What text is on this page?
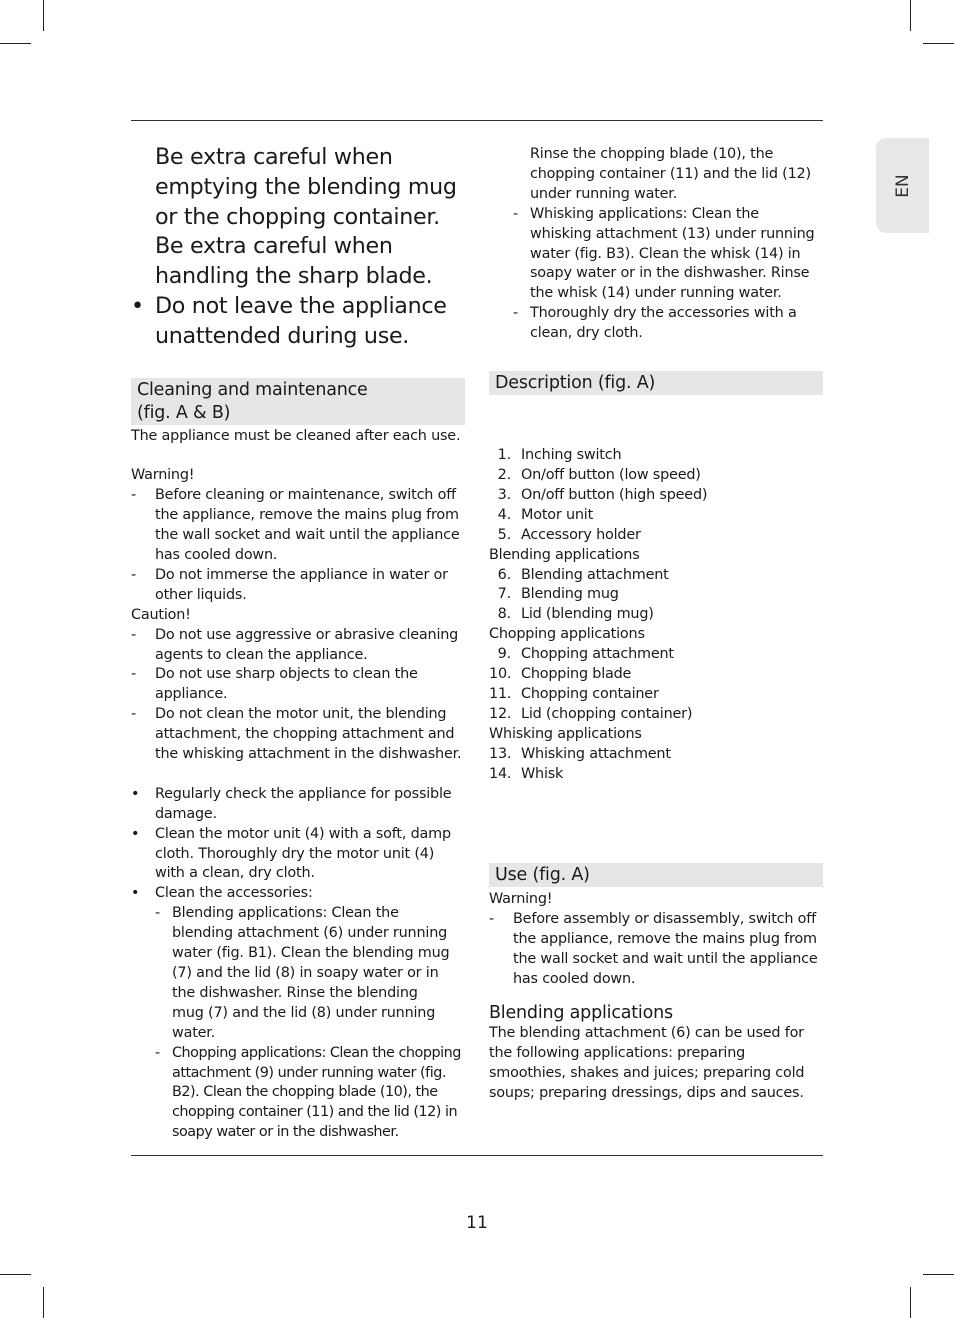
EN
Be extra careful when emptying the blending mug or the chopping container. Be extra careful when handling the sharp blade.
• Do not leave the appliance unattended during use.
Cleaning and maintenance
(fig. A & B)
The appliance must be cleaned after each use.
Warning!
- Before cleaning or maintenance, switch off the appliance, remove the mains plug from the wall socket and wait until the appliance has cooled down.
- Do not immerse the appliance in water or other liquids.
Caution!
- Do not use aggressive or abrasive cleaning agents to clean the appliance.
- Do not use sharp objects to clean the appliance.
- Do not clean the motor unit, the blending attachment, the chopping attachment and the whisking attachment in the dishwasher.
• Regularly check the appliance for possible damage.
• Clean the motor unit (4) with a soft, damp cloth. Thoroughly dry the motor unit (4) with a clean, dry cloth.
• Clean the accessories:
- Blending applications: Clean the blending attachment (6) under running water (fig. B1). Clean the blending mug (7) and the lid (8) in soapy water or in the dishwasher. Rinse the blending mug (7) and the lid (8) under running water.
- Chopping applications: Clean the chopping attachment (9) under running water (fig. B2). Clean the chopping blade (10), the chopping container (11) and the lid (12) in soapy water or in the dishwasher.
Rinse the chopping blade (10), the chopping container (11) and the lid (12) under running water.
- Whisking applications: Clean the whisking attachment (13) under running water (fig. B3). Clean the whisk (14) in soapy water or in the dishwasher. Rinse the whisk (14) under running water.
- Thoroughly dry the accessories with a clean, dry cloth.
Description (fig. A)
1. Inching switch
2. On/off button (low speed)
3. On/off button (high speed)
4. Motor unit
5. Accessory holder
Blending applications
6. Blending attachment
7. Blending mug
8. Lid (blending mug)
Chopping applications
9. Chopping attachment
10. Chopping blade
11. Chopping container
12. Lid (chopping container)
Whisking applications
13. Whisking attachment
14. Whisk
Use (fig. A)
Warning!
- Before assembly or disassembly, switch off the appliance, remove the mains plug from the wall socket and wait until the appliance has cooled down.
Blending applications
The blending attachment (6) can be used for the following applications: preparing smoothies, shakes and juices; preparing cold soups; preparing dressings, dips and sauces.
11
